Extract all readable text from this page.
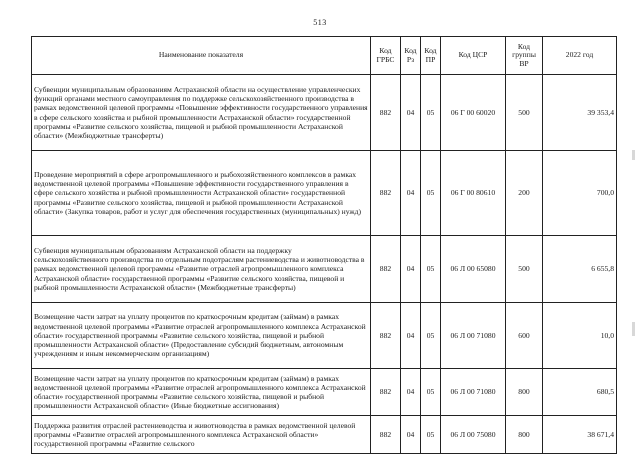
513
Наименование показателя	Код ГРБС	Код Рз	Код ПР	Код ЦСР	Код группы ВР	2022 год
Субвенции муниципальным образованиям Астраханской области на осуществление управленческих функций органами местного самоуправления по поддержке сельскохозяйственного производства в рамках ведомственной целевой программы «Повышение эффективности государственного управления в сфере сельского хозяйства и рыбной промышленности Астраханской области» государственной программы «Развитие сельского хозяйства, пищевой и рыбной промышленности Астраханской области» (Межбюджетные трансферты)	882	04	05	06 Г 00 60020	500	39 353,4
Проведение мероприятий в сфере агропромышленного и рыбохозяйственного комплексов в рамках ведомственной целевой программы «Повышение эффективности государственного управления в сфере сельского хозяйства и рыбной промышленности Астраханской области» государственной программы «Развитие сельского хозяйства, пищевой и рыбной промышленности Астраханской области» (Закупка товаров, работ и услуг для обеспечения государственных (муниципальных) нужд)	882	04	05	06 Г 00 80610	200	700,0
Субвенция муниципальным образованиям Астраханской области на поддержку сельскохозяйственного производства по отдельным подотраслям растениеводства и животноводства в рамках ведомственной целевой программы «Развитие отраслей агропромышленного комплекса Астраханской области» государственной программы «Развитие сельского хозяйства, пищевой и рыбной промышленности Астраханской области» (Межбюджетные трансферты)	882	04	05	06 Л 00 65080	500	6 655,8
Возмещение части затрат на уплату процентов по краткосрочным кредитам (займам) в рамках ведомственной целевой программы «Развитие отраслей агропромышленного комплекса Астраханской области» государственной программы «Развитие сельского хозяйства, пищевой и рыбной промышленности Астраханской области» (Предоставление субсидий бюджетным, автономным учреждениям и иным некоммерческим организациям)	882	04	05	06 Л 00 71080	600	10,0
Возмещение части затрат на уплату процентов по краткосрочным кредитам (займам) в рамках ведомственной целевой программы «Развитие отраслей агропромышленного комплекса Астраханской области» государственной программы «Развитие сельского хозяйства, пищевой и рыбной промышленности Астраханской области» (Иные бюджетные ассигнования)	882	04	05	06 Л 00 71080	800	680,5
Поддержка развития отраслей растениеводства и животноводства в рамках ведомственной целевой программы «Развитие отраслей агропромышленного комплекса Астраханской области» государственной программы «Развитие сельского	882	04	05	06 Л 00 75080	800	38 671,4
